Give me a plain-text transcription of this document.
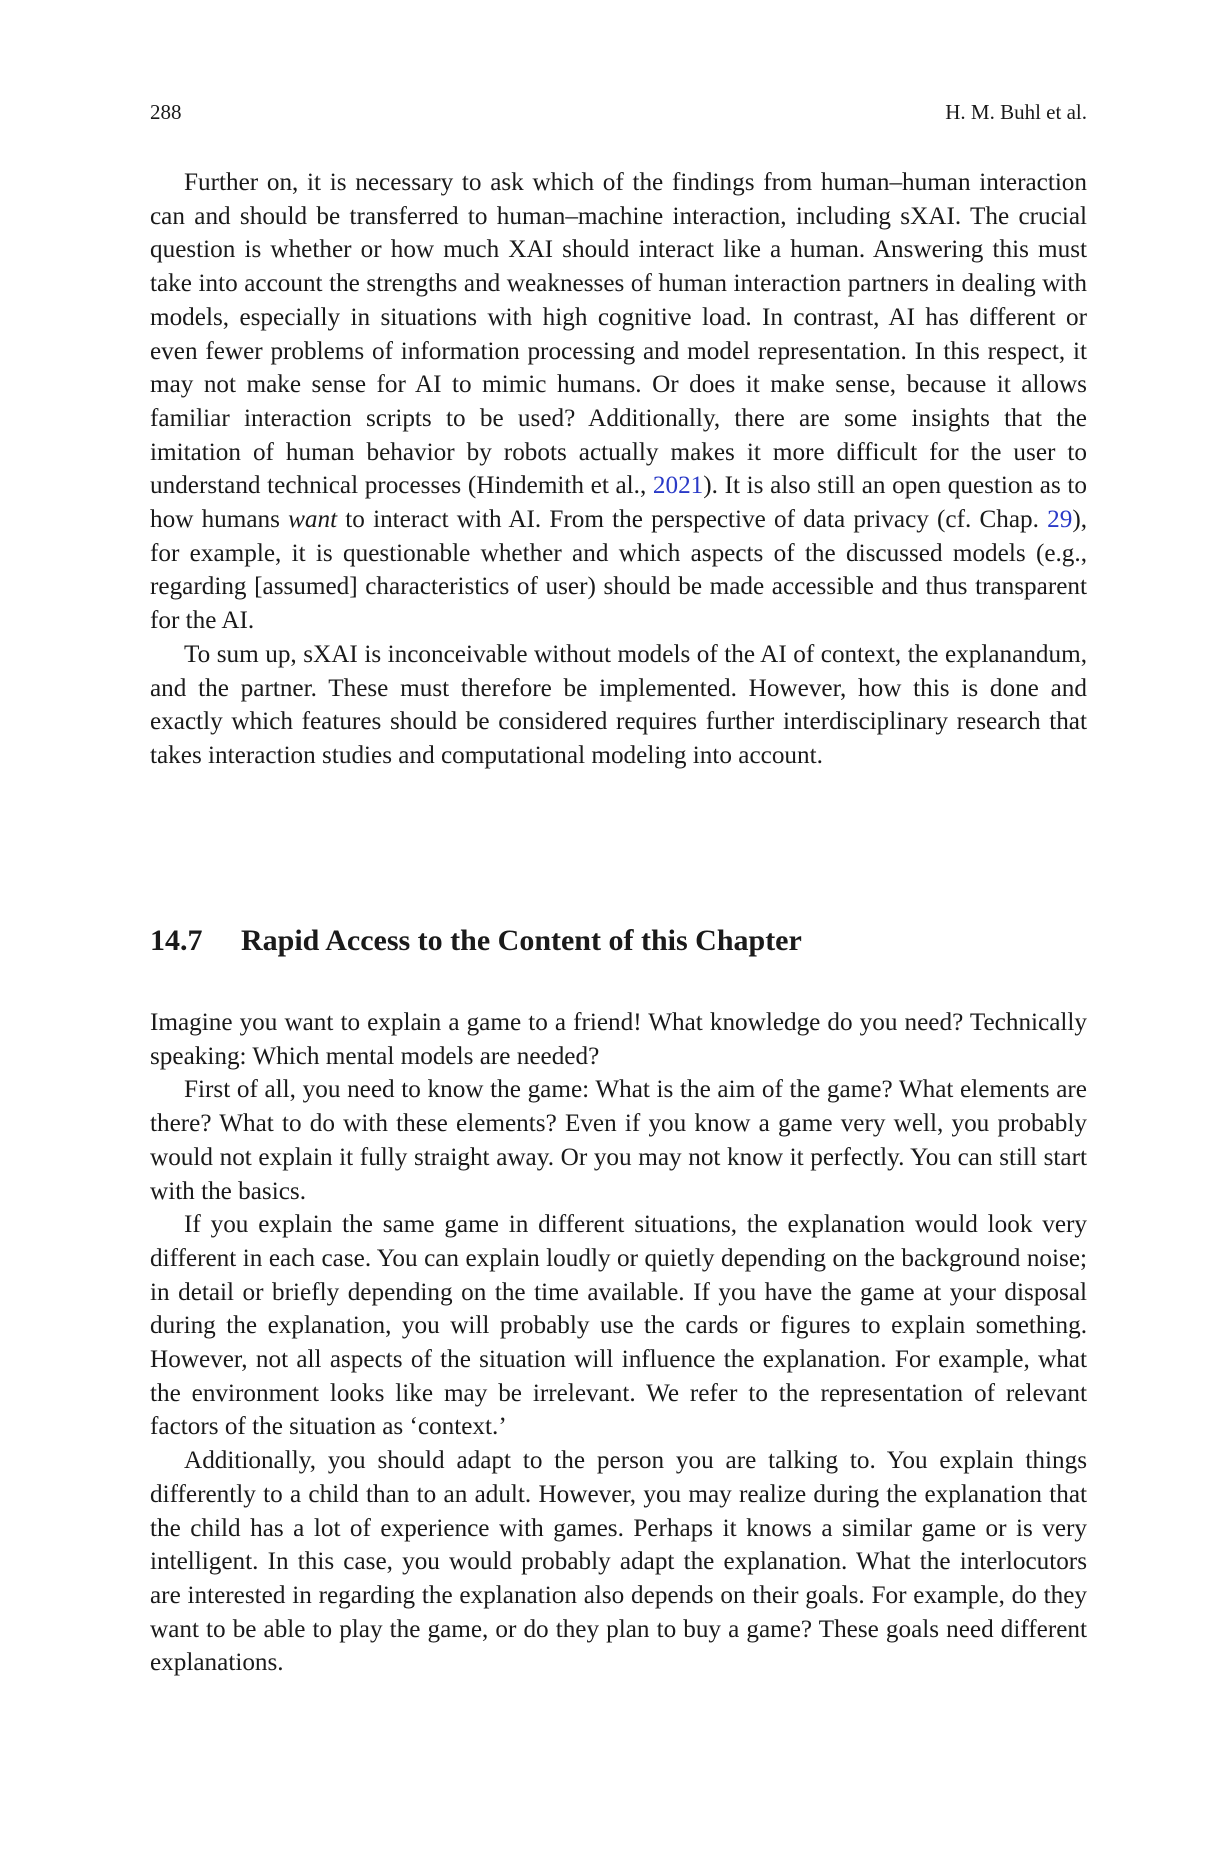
288	H. M. Buhl et al.

Further on, it is necessary to ask which of the findings from human–human interaction can and should be transferred to human–machine interaction, including sXAI. The crucial question is whether or how much XAI should interact like a human. Answering this must take into account the strengths and weaknesses of human interaction partners in dealing with models, especially in situations with high cognitive load. In contrast, AI has different or even fewer problems of information processing and model representation. In this respect, it may not make sense for AI to mimic humans. Or does it make sense, because it allows familiar interaction scripts to be used? Additionally, there are some insights that the imitation of human behavior by robots actually makes it more difficult for the user to understand technical processes (Hindemith et al., 2021). It is also still an open question as to how humans want to interact with AI. From the perspective of data privacy (cf. Chap. 29), for example, it is questionable whether and which aspects of the discussed models (e.g., regarding [assumed] characteristics of user) should be made accessible and thus transparent for the AI.

To sum up, sXAI is inconceivable without models of the AI of context, the explanandum, and the partner. These must therefore be implemented. However, how this is done and exactly which features should be considered requires further interdisciplinary research that takes interaction studies and computational modeling into account.

14.7 Rapid Access to the Content of this Chapter

Imagine you want to explain a game to a friend! What knowledge do you need? Technically speaking: Which mental models are needed?

First of all, you need to know the game: What is the aim of the game? What elements are there? What to do with these elements? Even if you know a game very well, you probably would not explain it fully straight away. Or you may not know it perfectly. You can still start with the basics.

If you explain the same game in different situations, the explanation would look very different in each case. You can explain loudly or quietly depending on the background noise; in detail or briefly depending on the time available. If you have the game at your disposal during the explanation, you will probably use the cards or figures to explain something. However, not all aspects of the situation will influence the explanation. For example, what the environment looks like may be irrelevant. We refer to the representation of relevant factors of the situation as ‘context.’

Additionally, you should adapt to the person you are talking to. You explain things differently to a child than to an adult. However, you may realize during the explanation that the child has a lot of experience with games. Perhaps it knows a similar game or is very intelligent. In this case, you would probably adapt the explanation. What the interlocutors are interested in regarding the explanation also depends on their goals. For example, do they want to be able to play the game, or do they plan to buy a game? These goals need different explanations.
